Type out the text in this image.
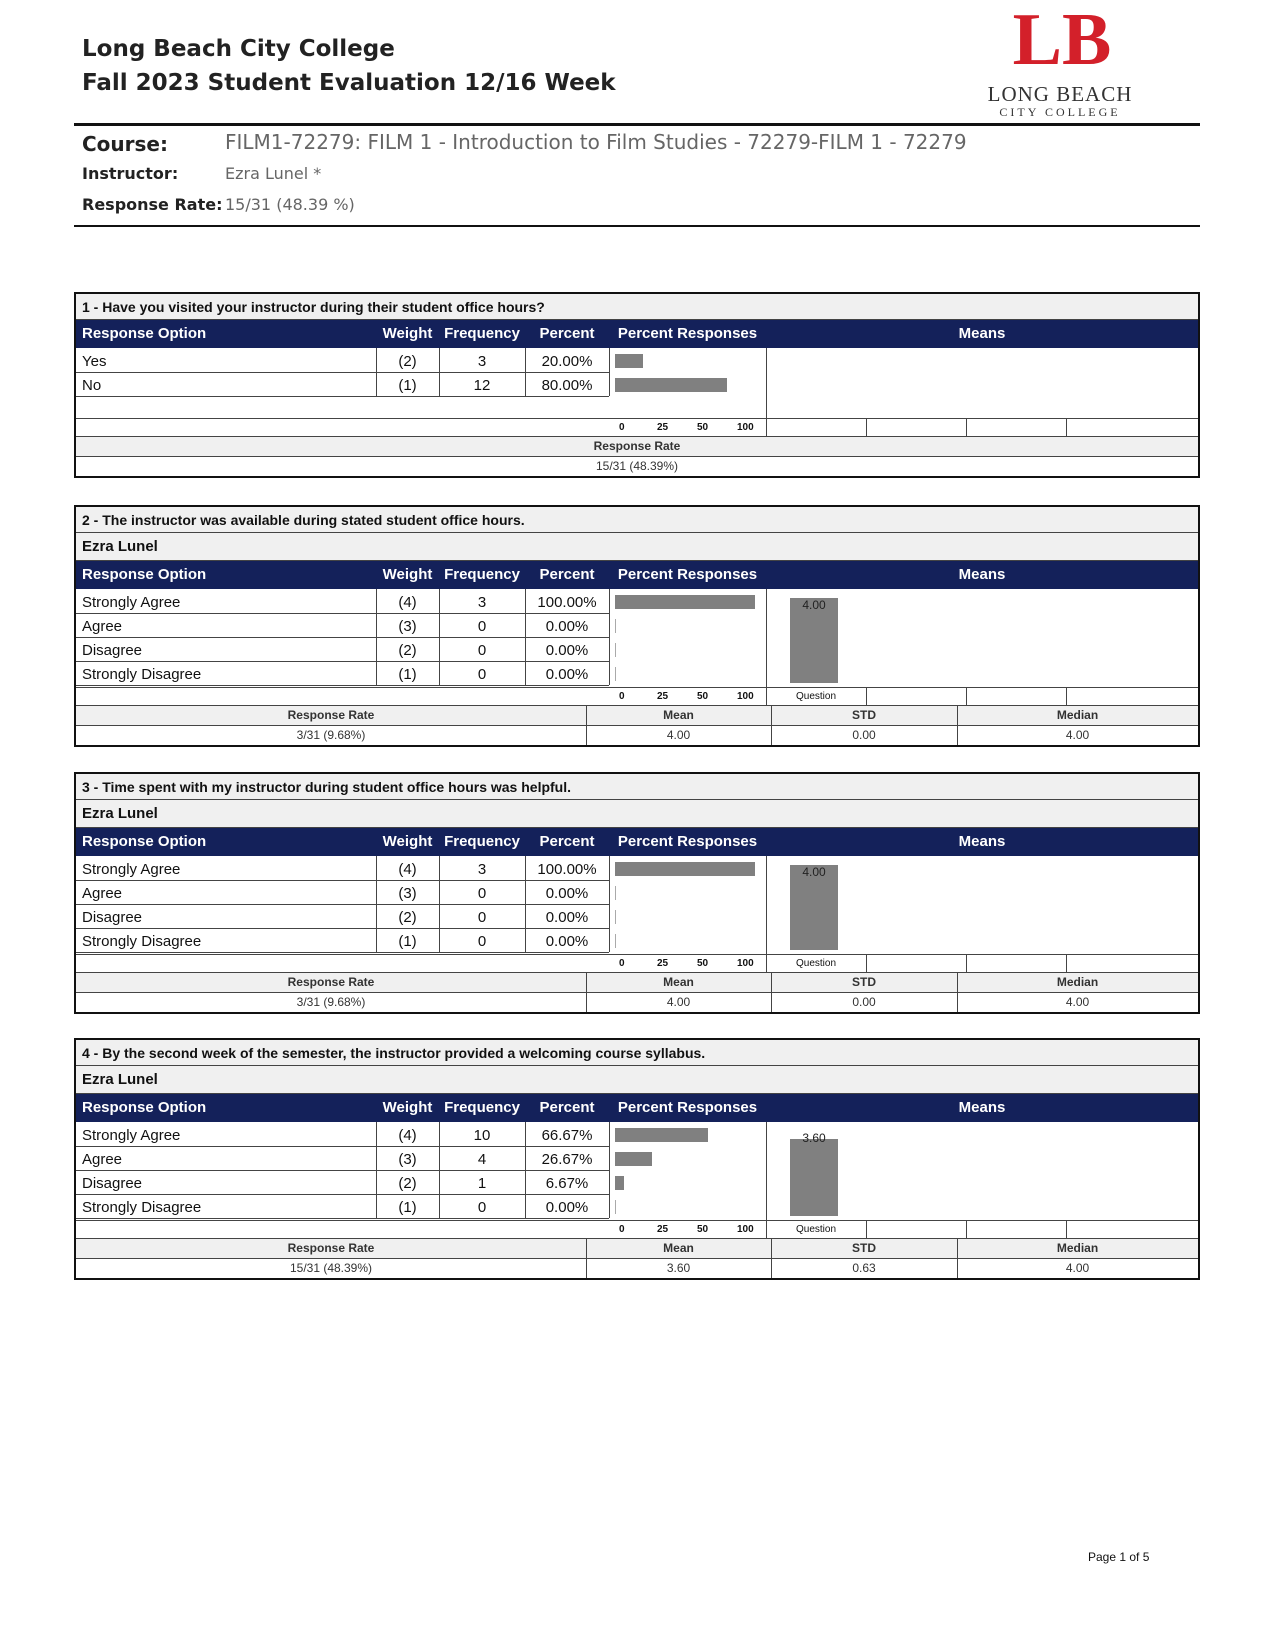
Long Beach City College
Fall 2023 Student Evaluation 12/16 Week
LB
LONG BEACH
CITY COLLEGE
Course:	FILM1-72279: FILM 1 - Introduction to Film Studies - 72279-FILM 1 - 72279
Instructor:	Ezra Lunel *
Response Rate: 15/31 (48.39 %)
1 - Have you visited your instructor during their student office hours?
Response Option	Weight Frequency	Percent	Percent Responses	Means
Yes	(2)	3	20.00%
No	(1)	12	80.00%
0	25	50	100
Response Rate
15/31 (48.39%)
2 - The instructor was available during stated student office hours.
Ezra Lunel
Response Option	Weight Frequency	Percent	Percent Responses	Means
Strongly Agree	(4)	3	100.00%
Agree	(3)	0	0.00%
Disagree	(2)	0	0.00%
Strongly Disagree	(1)	0	0.00%
4.00
0	25	50	100	Question
Response Rate	Mean	STD	Median
3/31 (9.68%)	4.00	0.00	4.00
3 - Time spent with my instructor during student office hours was helpful.
Ezra Lunel
Response Option	Weight Frequency	Percent	Percent Responses	Means
Strongly Agree	(4)	3	100.00%
Agree	(3)	0	0.00%
Disagree	(2)	0	0.00%
Strongly Disagree	(1)	0	0.00%
4.00
0	25	50	100	Question
Response Rate	Mean	STD	Median
3/31 (9.68%)	4.00	0.00	4.00
4 - By the second week of the semester, the instructor provided a welcoming course syllabus.
Ezra Lunel
Response Option	Weight Frequency	Percent	Percent Responses	Means
Strongly Agree	(4)	10	66.67%
Agree	(3)	4	26.67%
Disagree	(2)	1	6.67%
Strongly Disagree	(1)	0	0.00%
3.60
0	25	50	100	Question
Response Rate	Mean	STD	Median
15/31 (48.39%)	3.60	0.63	4.00
Page 1 of 5
